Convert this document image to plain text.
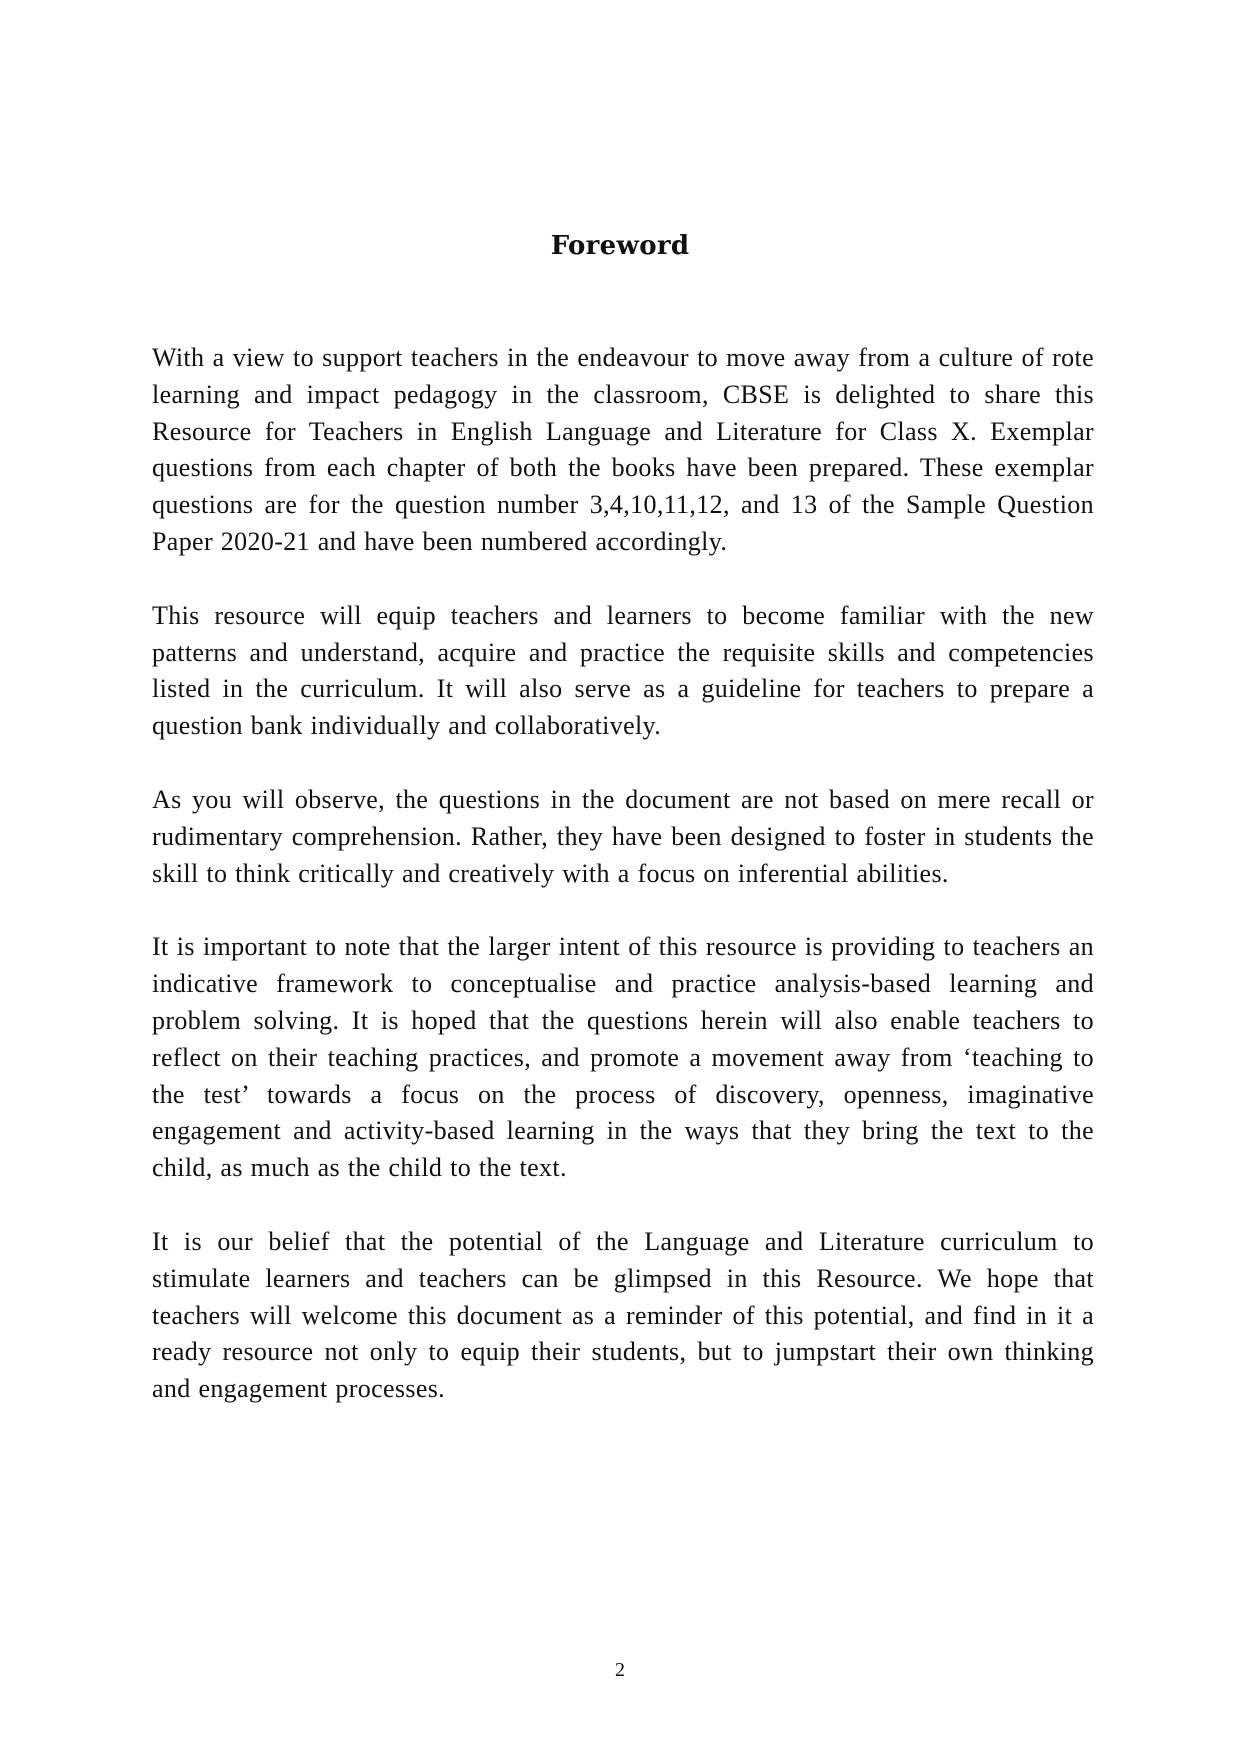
Foreword

With a view to support teachers in the endeavour to move away from a culture of rote learning and impact pedagogy in the classroom, CBSE is delighted to share this Resource for Teachers in English Language and Literature for Class X. Exemplar questions from each chapter of both the books have been prepared. These exemplar questions are for the question number 3,4,10,11,12, and 13 of the Sample Question Paper 2020-21 and have been numbered accordingly.

This resource will equip teachers and learners to become familiar with the new patterns and understand, acquire and practice the requisite skills and competencies listed in the curriculum. It will also serve as a guideline for teachers to prepare a question bank individually and collaboratively.

As you will observe, the questions in the document are not based on mere recall or rudimentary comprehension. Rather, they have been designed to foster in students the skill to think critically and creatively with a focus on inferential abilities.

It is important to note that the larger intent of this resource is providing to teachers an indicative framework to conceptualise and practice analysis-based learning and problem solving. It is hoped that the questions herein will also enable teachers to reflect on their teaching practices, and promote a movement away from ‘teaching to the test’ towards a focus on the process of discovery, openness, imaginative engagement and activity-based learning in the ways that they bring the text to the child, as much as the child to the text.

It is our belief that the potential of the Language and Literature curriculum to stimulate learners and teachers can be glimpsed in this Resource. We hope that teachers will welcome this document as a reminder of this potential, and find in it a ready resource not only to equip their students, but to jumpstart their own thinking and engagement processes.

2
